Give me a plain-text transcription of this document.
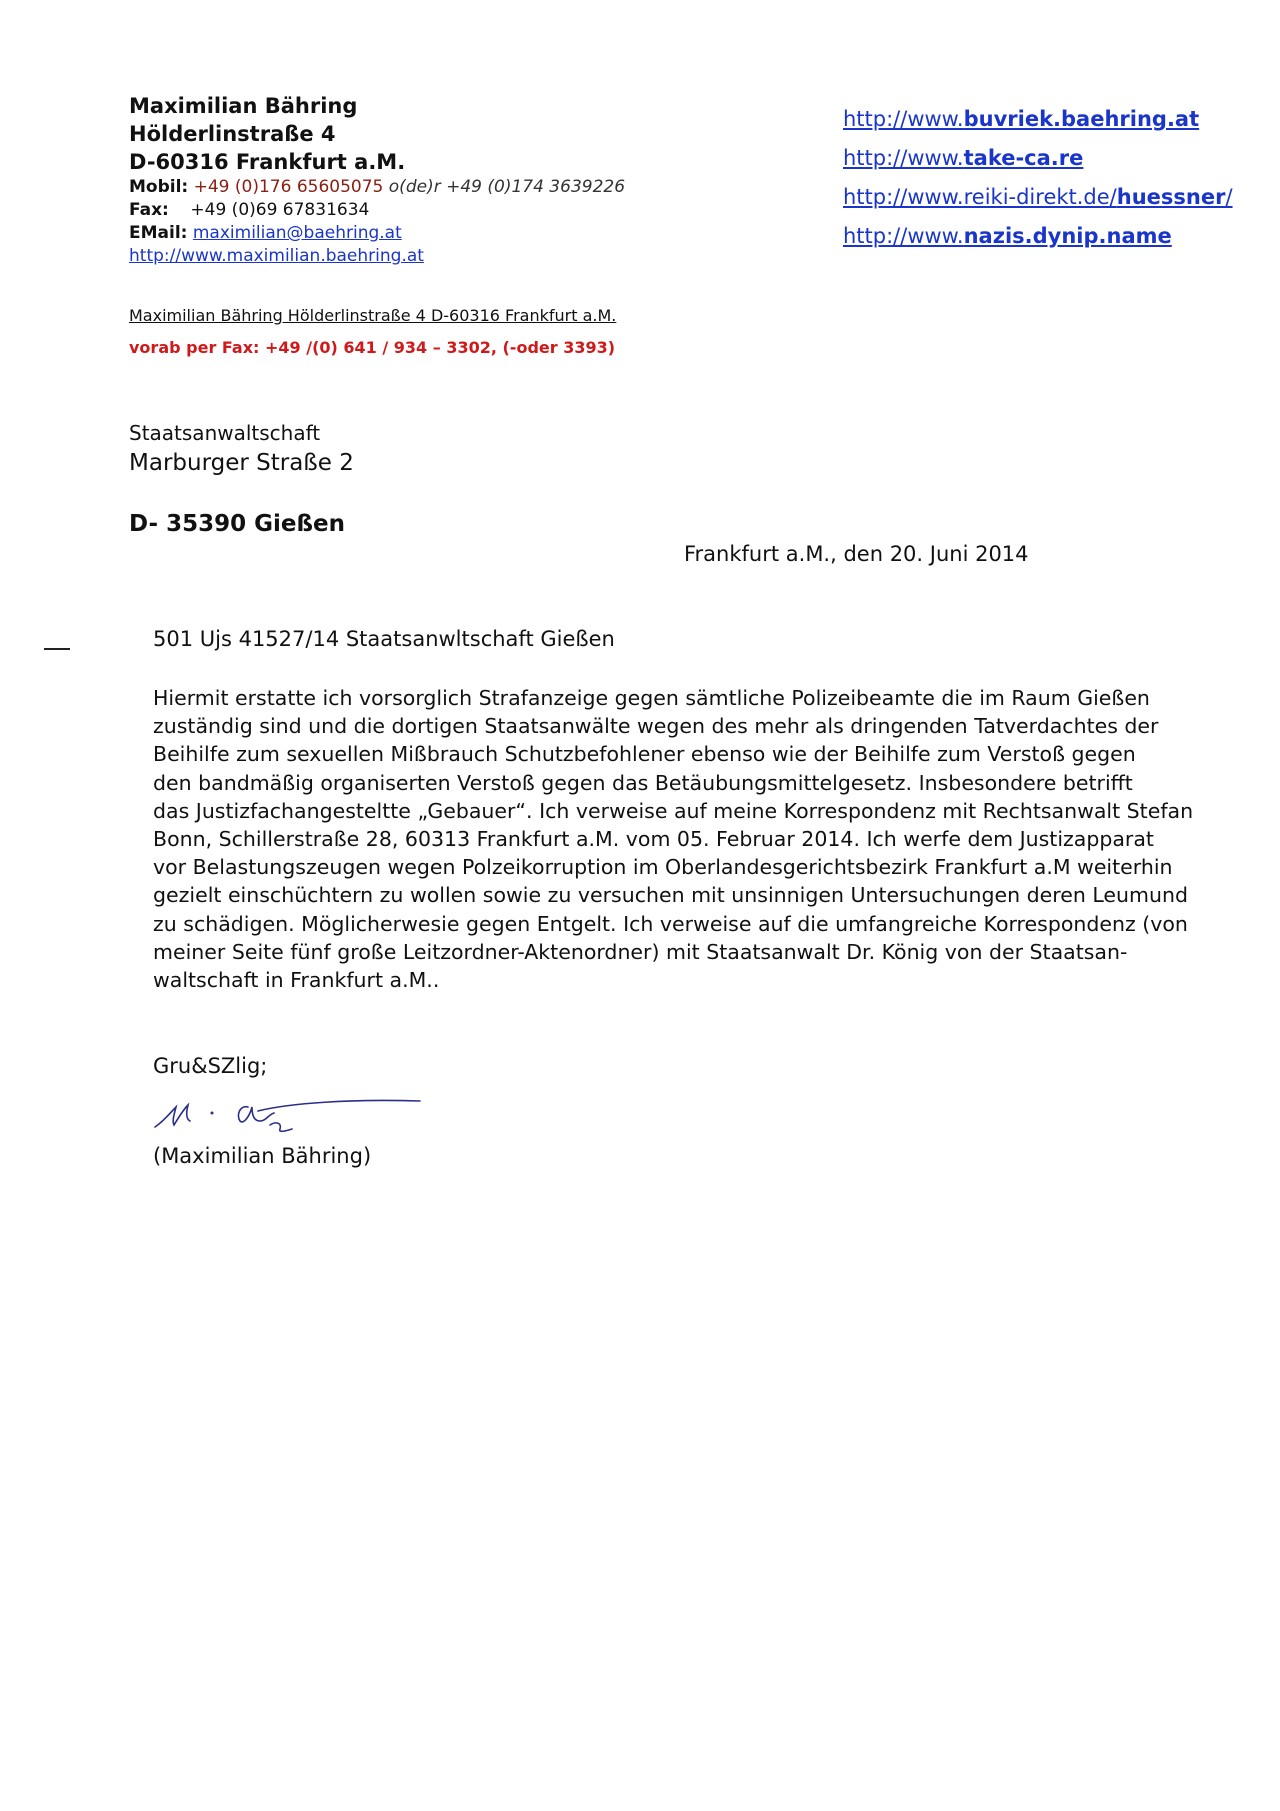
Maximilian Bähring
Hölderlinstraße 4
D-60316 Frankfurt a.M.
Mobil: +49 (0)176 65605075 o(de)r +49 (0)174 3639226
Fax: +49 (0)69 67831634
EMail: maximilian@baehring.at
http://www.maximilian.baehring.at
http://www.buvriek.baehring.at
http://www.take-ca.re
http://www.reiki-direkt.de/huessner/
http://www.nazis.dynip.name
Maximilian Bähring Hölderlinstraße 4 D-60316 Frankfurt a.M.
vorab per Fax: +49 /(0) 641 / 934 – 3302, (-oder 3393)
Staatsanwaltschaft
Marburger Straße 2
D- 35390 Gießen
Frankfurt a.M., den 20. Juni 2014
501 Ujs 41527/14 Staatsanwltschaft Gießen
Hiermit erstatte ich vorsorglich Strafanzeige gegen sämtliche Polizeibeamte die im Raum Gießen
zuständig sind und die dortigen Staatsanwälte wegen des mehr als dringenden Tatverdachtes der
Beihilfe zum sexuellen Mißbrauch Schutzbefohlener ebenso wie der Beihilfe zum Verstoß gegen
den bandmäßig organiserten Verstoß gegen das Betäubungsmittelgesetz. Insbesondere betrifft
das Justizfachangesteltte „Gebauer“. Ich verweise auf meine Korrespondenz mit Rechtsanwalt Stefan
Bonn, Schillerstraße 28, 60313 Frankfurt a.M. vom 05. Februar 2014. Ich werfe dem Justizapparat
vor Belastungszeugen wegen Polzeikorruption im Oberlandesgerichtsbezirk Frankfurt a.M weiterhin
gezielt einschüchtern zu wollen sowie zu versuchen mit unsinnigen Untersuchungen deren Leumund
zu schädigen. Möglicherwesie gegen Entgelt. Ich verweise auf die umfangreiche Korrespondenz (von
meiner Seite fünf große Leitzordner-Aktenordner) mit Staatsanwalt Dr. König von der Staatsan-
waltschaft in Frankfurt a.M..
Gru&SZlig;
(Maximilian Bähring)
